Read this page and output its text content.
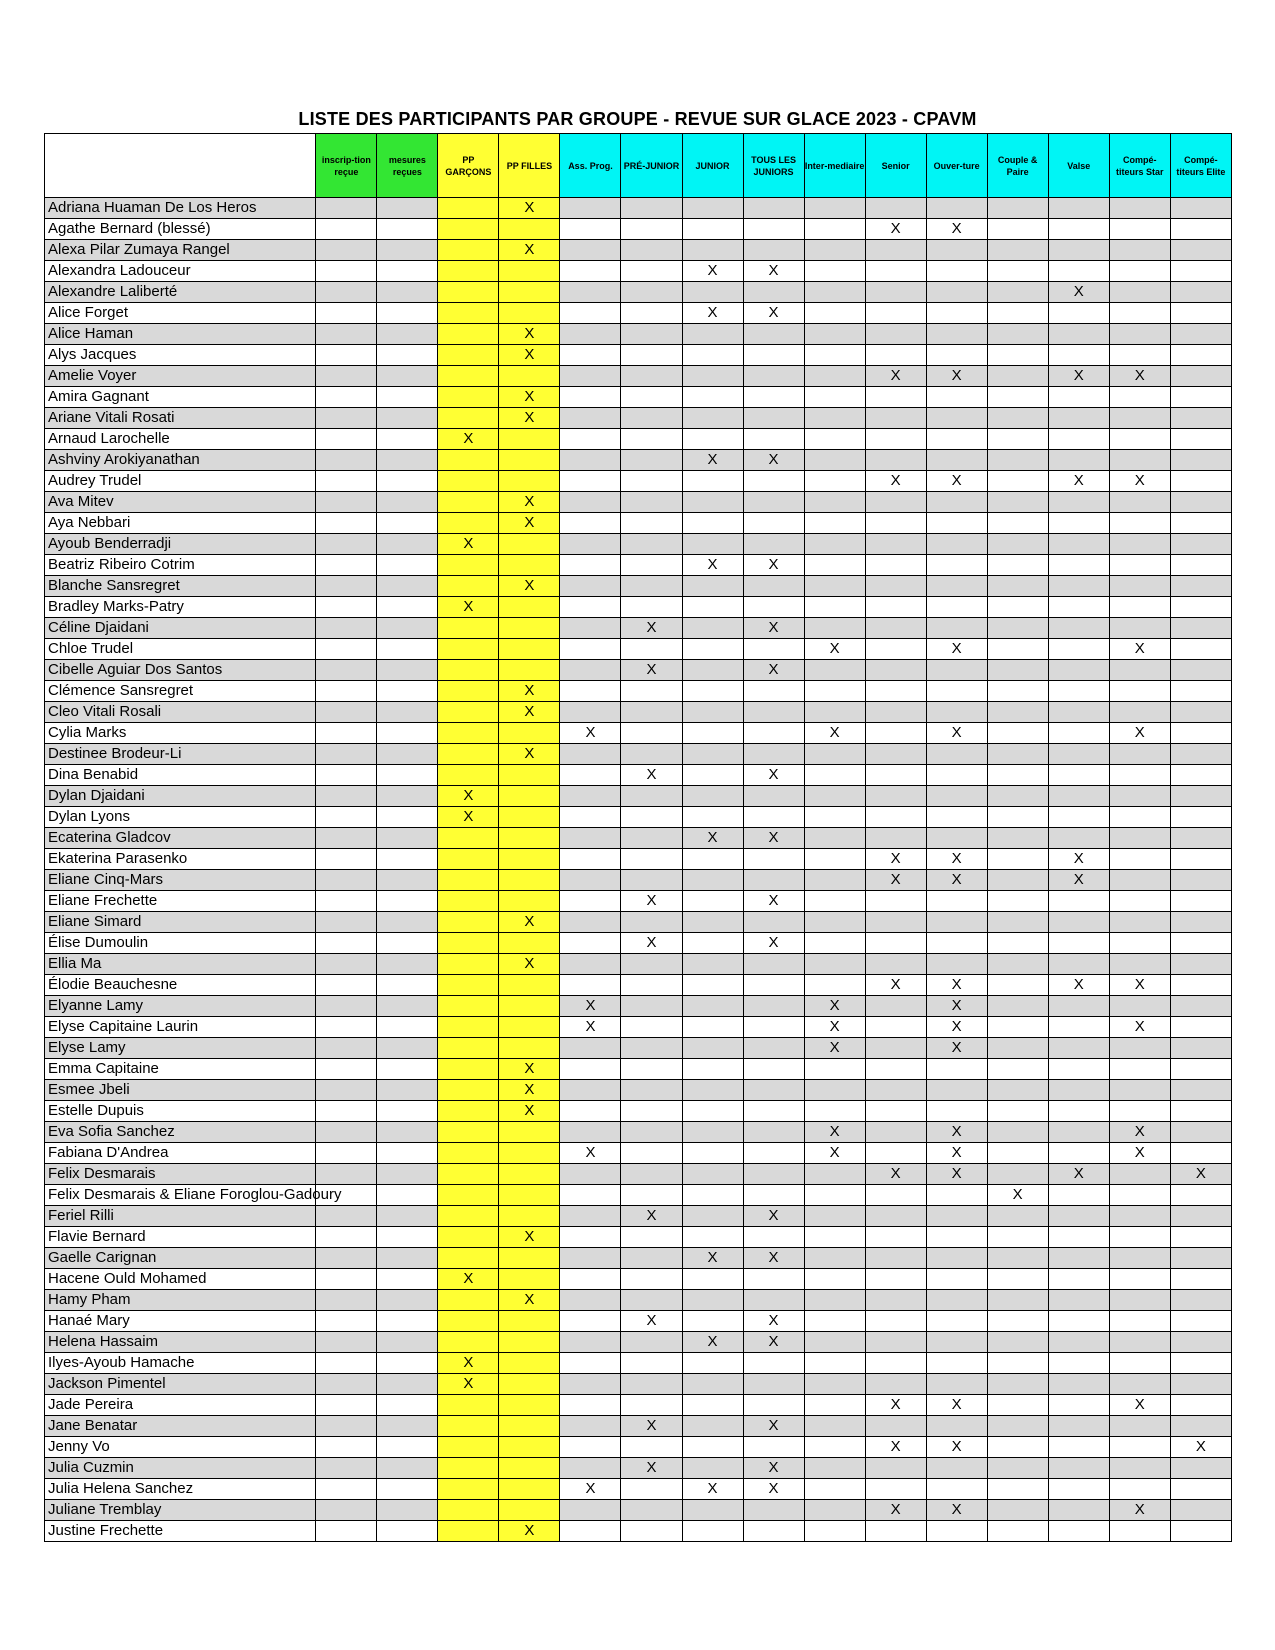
LISTE DES PARTICIPANTS PAR GROUPE - REVUE SUR GLACE 2023 - CPAVM
	inscrip-tion reçue	mesures reçues	PP GARÇONS	PP FILLES	Ass. Prog.	PRÉ-JUNIOR	JUNIOR	TOUS LES JUNIORS	Inter-mediaire	Senior	Ouver-ture	Couple & Paire	Valse	Compé-titeurs Star	Compé-titeurs Elite
Adriana Huaman De Los Heros				X											
Agathe Bernard (blessé)										X	X				
Alexa Pilar Zumaya Rangel				X											
Alexandra Ladouceur							X	X							
Alexandre Laliberté													X		
Alice Forget							X	X							
Alice Haman				X											
Alys Jacques				X											
Amelie Voyer										X	X		X	X	
Amira Gagnant				X											
Ariane Vitali Rosati				X											
Arnaud Larochelle			X												
Ashviny Arokiyanathan							X	X							
Audrey Trudel										X	X		X	X	
Ava Mitev				X											
Aya Nebbari				X											
Ayoub Benderradji			X												
Beatriz Ribeiro Cotrim							X	X							
Blanche Sansregret				X											
Bradley Marks-Patry			X												
Céline Djaidani						X		X							
Chloe Trudel									X		X			X	
Cibelle Aguiar Dos Santos						X		X							
Clémence Sansregret				X											
Cleo Vitali Rosali				X											
Cylia Marks					X				X		X			X	
Destinee Brodeur-Li				X											
Dina Benabid						X		X							
Dylan Djaidani			X												
Dylan Lyons			X												
Ecaterina Gladcov							X	X							
Ekaterina Parasenko										X	X		X		
Eliane Cinq-Mars										X	X		X		
Eliane Frechette						X		X							
Eliane Simard				X											
Élise Dumoulin						X		X							
Ellia Ma				X											
Élodie Beauchesne										X	X		X	X	
Elyanne Lamy					X				X		X				
Elyse Capitaine Laurin					X				X		X			X	
Elyse Lamy									X		X				
Emma Capitaine				X											
Esmee Jbeli				X											
Estelle Dupuis				X											
Eva Sofia Sanchez									X		X			X	
Fabiana D'Andrea					X				X		X			X	
Felix Desmarais										X	X		X		X
Felix Desmarais & Eliane Foroglou-Gadoury												X			
Feriel Rilli						X		X							
Flavie Bernard				X											
Gaelle Carignan							X	X							
Hacene Ould Mohamed			X												
Hamy Pham				X											
Hanaé Mary						X		X							
Helena Hassaim							X	X							
Ilyes-Ayoub Hamache			X												
Jackson Pimentel			X												
Jade Pereira										X	X			X	
Jane Benatar						X		X							
Jenny Vo										X	X				X
Julia Cuzmin						X		X							
Julia Helena Sanchez					X		X	X							
Juliane Tremblay										X	X			X	
Justine Frechette				X											
